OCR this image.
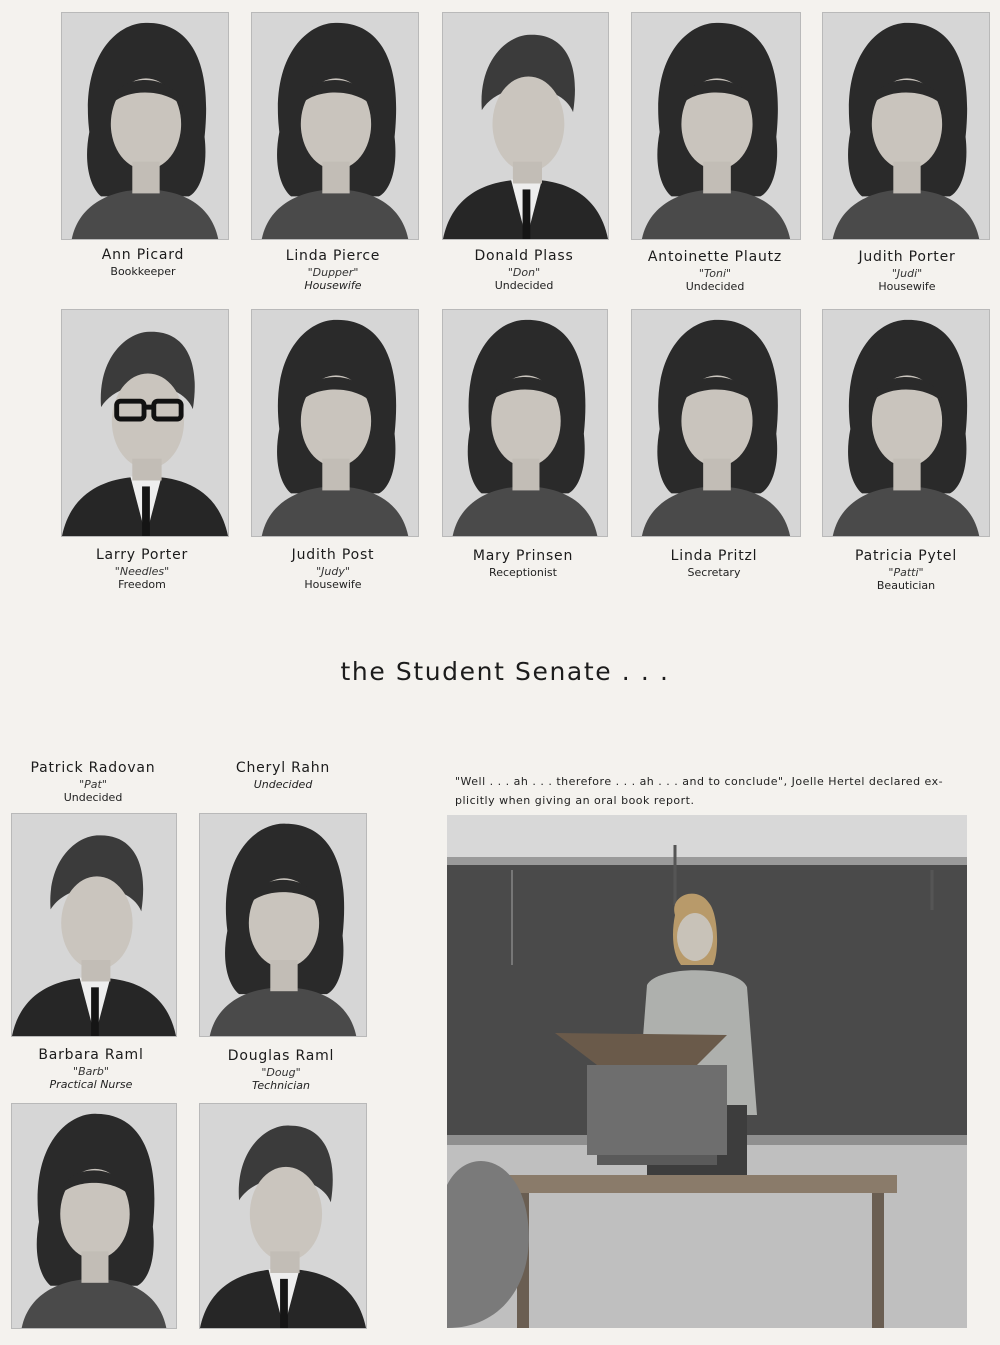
Ann Picard
Bookkeeper
Linda Pierce
"Dupper"
Housewife
Donald Plass
"Don"
Undecided
Antoinette Plautz
"Toni"
Undecided
Judith Porter
"Judi"
Housewife
Larry Porter
"Needles"
Freedom
Judith Post
"Judy"
Housewife
Mary Prinsen
Receptionist
Linda Pritzl
Secretary
Patricia Pytel
"Patti"
Beautician
the Student Senate . . .
Patrick Radovan
"Pat"
Undecided
Cheryl Rahn
Undecided
Barbara Raml
"Barb"
Practical Nurse
Douglas Raml
"Doug"
Technician
"Well . . . ah . . . therefore . . . ah . . . and to conclude", Joelle Hertel declared ex-
plicitly when giving an oral book report.
